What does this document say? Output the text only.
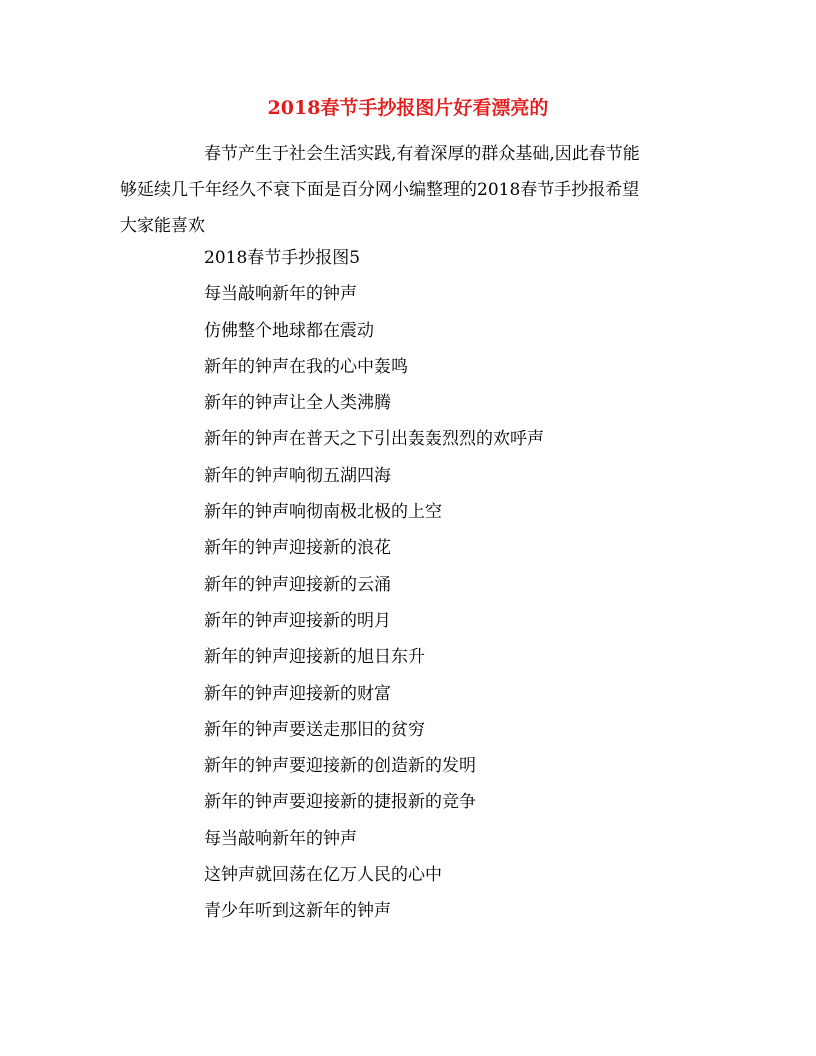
2018春节手抄报图片好看漂亮的
春节产生于社会生活实践,有着深厚的群众基础,因此春节能
够延续几千年经久不衰下面是百分网小编整理的2018春节手抄报希望
大家能喜欢
2018春节手抄报图5
每当敲响新年的钟声
仿佛整个地球都在震动
新年的钟声在我的心中轰鸣
新年的钟声让全人类沸腾
新年的钟声在普天之下引出轰轰烈烈的欢呼声
新年的钟声响彻五湖四海
新年的钟声响彻南极北极的上空
新年的钟声迎接新的浪花
新年的钟声迎接新的云涌
新年的钟声迎接新的明月
新年的钟声迎接新的旭日东升
新年的钟声迎接新的财富
新年的钟声要送走那旧的贫穷
新年的钟声要迎接新的创造新的发明
新年的钟声要迎接新的捷报新的竞争
每当敲响新年的钟声
这钟声就回荡在亿万人民的心中
青少年听到这新年的钟声
